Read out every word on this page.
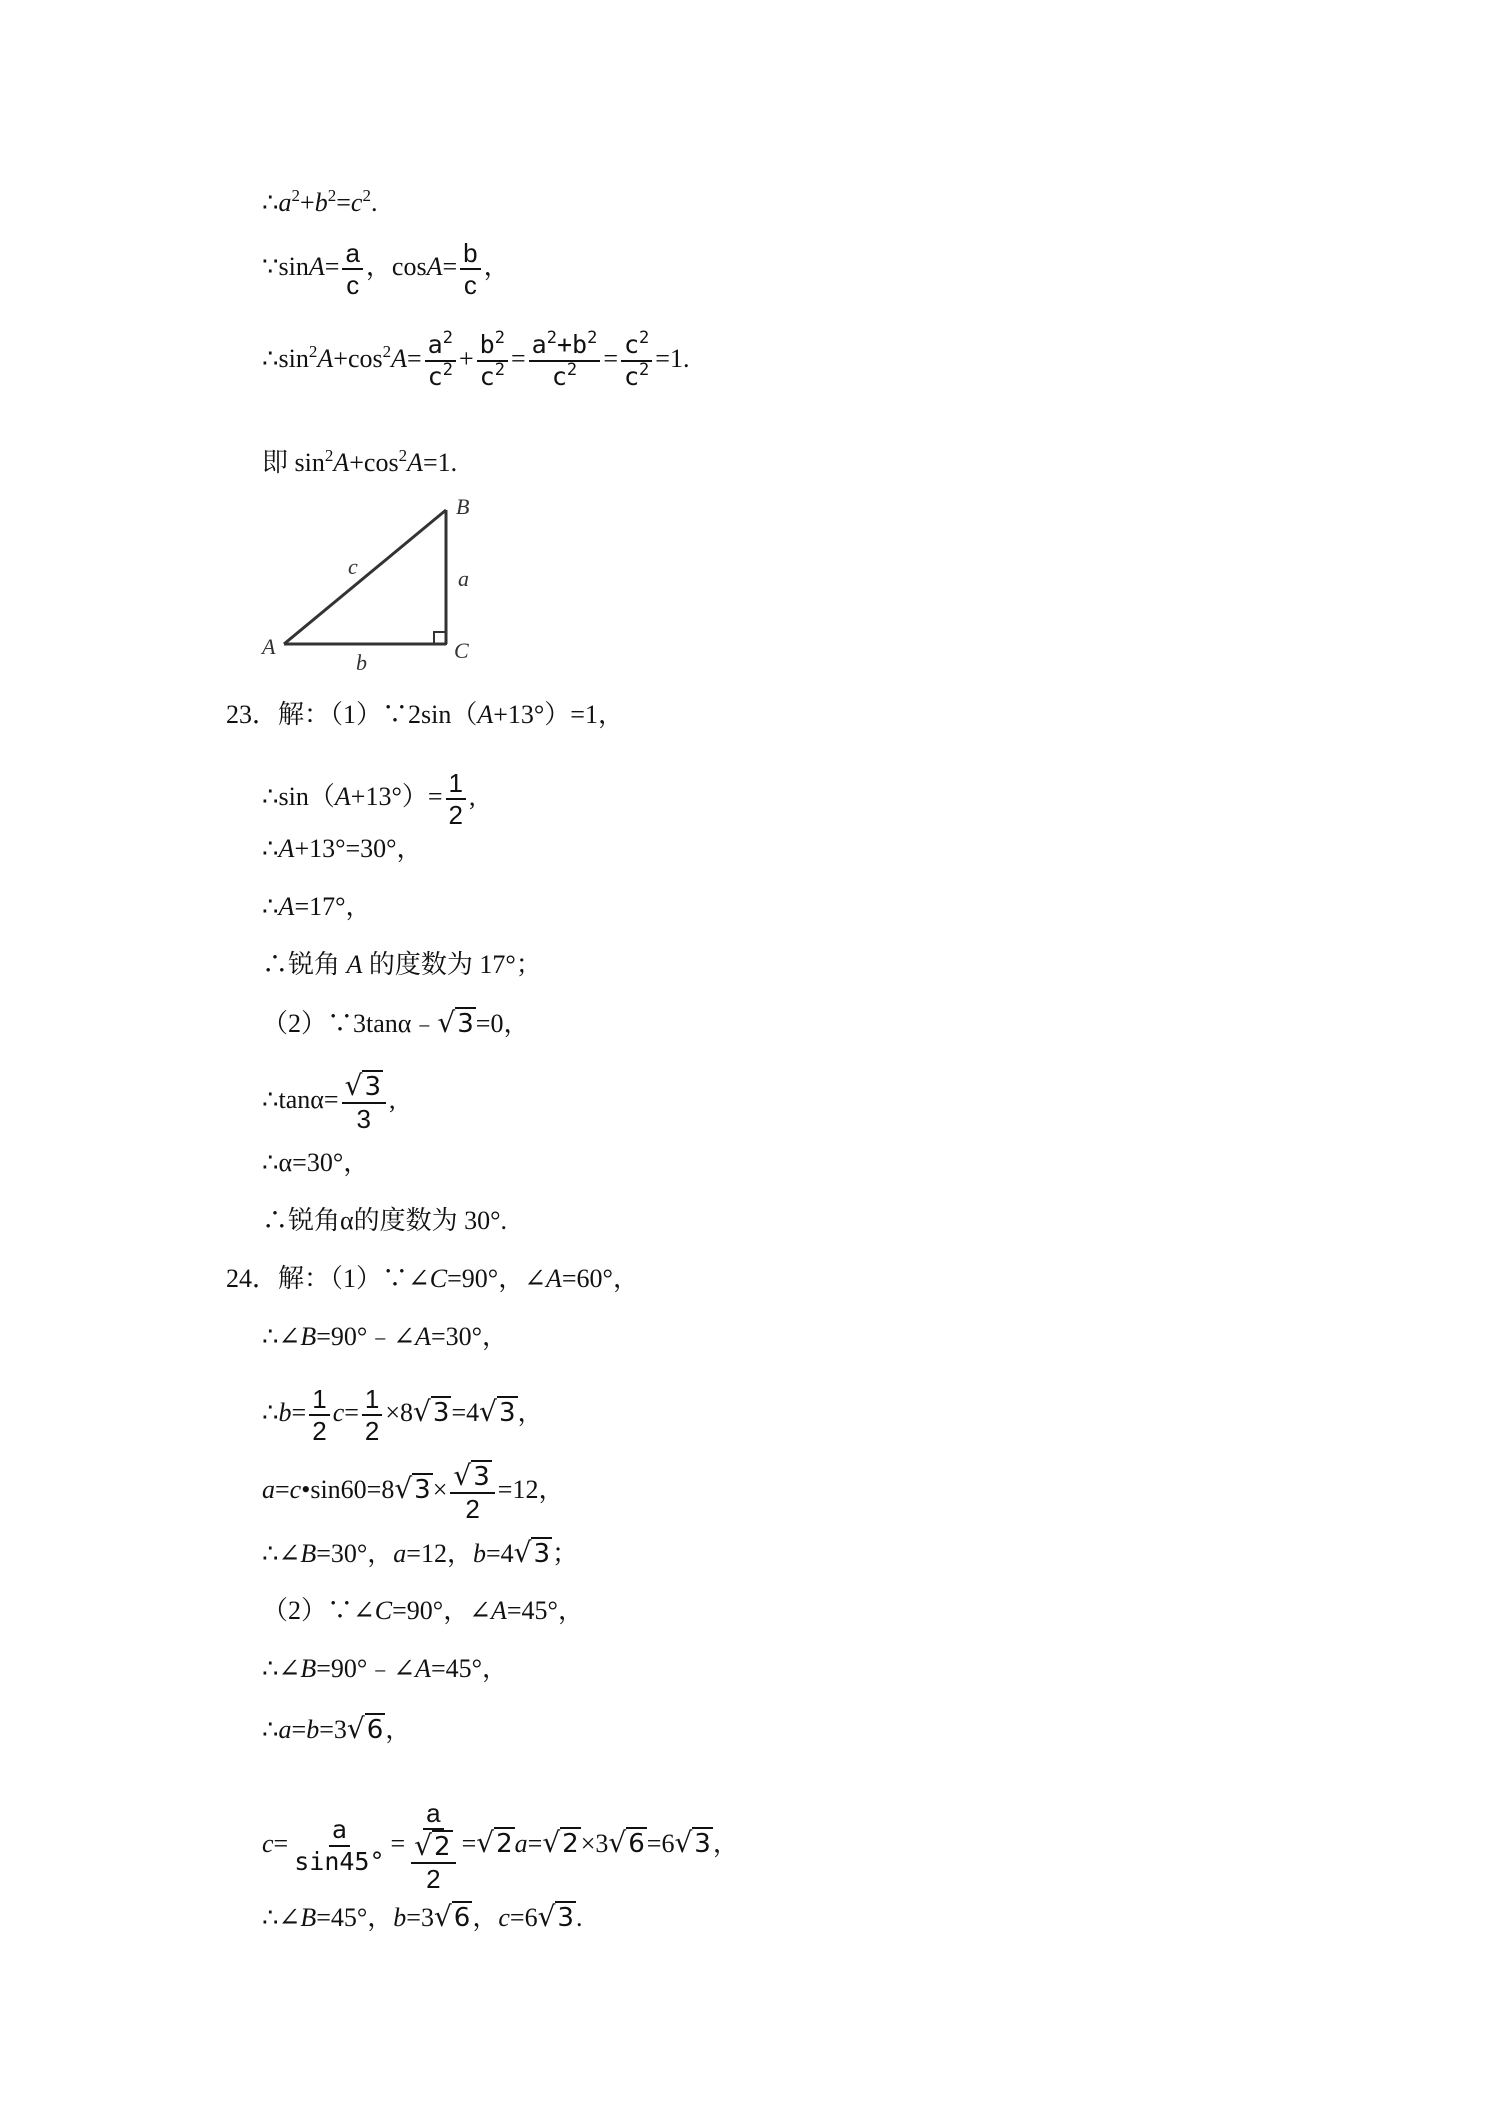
$\therefore a^2+b^2=c^2$.
∵sinA= $\frac{a}{c}$ ，$\cos A= \frac{b}{c}$ ，
$\therefore\sin^2A+\cos^2A= \frac{a^2}{c^2} + \frac{b^2}{c^2} = \frac{a^2+b^2}{c^2} = \frac{c^2}{c^2} =1$.
即 $\sin^2A+\cos^2A=1$.
A
B
C
a
b
c
23．解：（1）∵2sin（A+13°）=1，
∴sin（A+13°）= $\frac{1}{2}$ ,
∴A+13°=30°，
∴A=17°，
∴锐角 A 的度数为 17°；
（2）∵3tanα﹣√3=0，
∴tanα= $\frac{√3}{3}$ ,
∴α=30°，
∴锐角α的度数为 30°.
24．解：（1）∵∠C=90°，∠A=60°，
∴∠B=90°﹣∠A=30°，
∴b= $\frac{1}{2} c= \frac{1}{2} \times 8√3=4√3$，
a=c•sin60=8√3× $\frac{√3}{2} =12$，
∴∠B=30°，a=12，b=4√3；
（2）∵∠C=90°，∠A=45°，
∴∠B=90°﹣∠A=45°，
∴a=b=3√6，
$c= \frac{a}{\sin 45^\circ} = \frac{a}{\frac{√2}{2}} =√2a=√2\times 3√6=6√3$，
∴∠B=45°，b=3√6，c=6√3.
